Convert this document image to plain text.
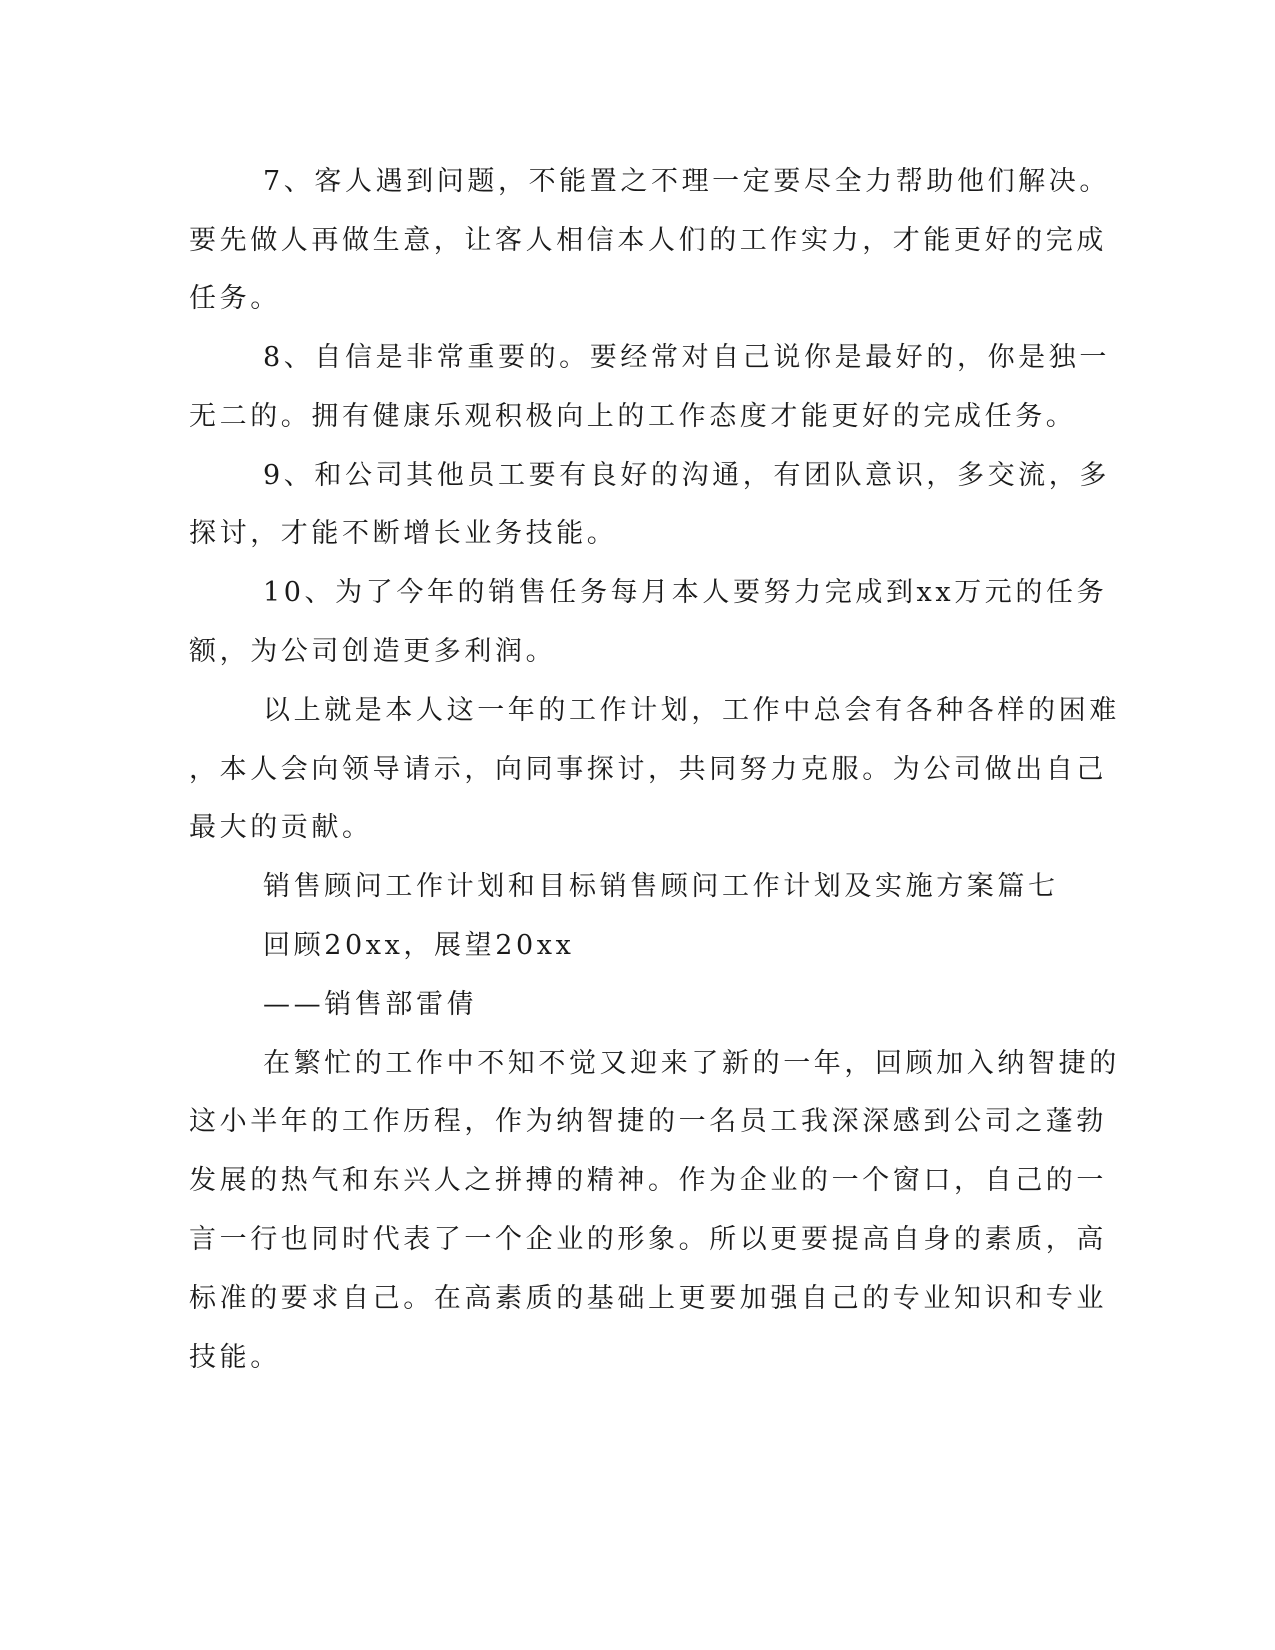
7、客人遇到问题，不能置之不理一定要尽全力帮助他们解决。
要先做人再做生意，让客人相信本人们的工作实力，才能更好的完成
任务。
8、自信是非常重要的。要经常对自己说你是最好的，你是独一
无二的。拥有健康乐观积极向上的工作态度才能更好的完成任务。
9、和公司其他员工要有良好的沟通，有团队意识，多交流，多
探讨，才能不断增长业务技能。
10、为了今年的销售任务每月本人要努力完成到xx万元的任务
额，为公司创造更多利润。
以上就是本人这一年的工作计划，工作中总会有各种各样的困难
，本人会向领导请示，向同事探讨，共同努力克服。为公司做出自己
最大的贡献。
销售顾问工作计划和目标销售顾问工作计划及实施方案篇七
回顾20xx，展望20xx
——销售部雷倩
在繁忙的工作中不知不觉又迎来了新的一年，回顾加入纳智捷的
这小半年的工作历程，作为纳智捷的一名员工我深深感到公司之蓬勃
发展的热气和东兴人之拼搏的精神。作为企业的一个窗口，自己的一
言一行也同时代表了一个企业的形象。所以更要提高自身的素质，高
标准的要求自己。在高素质的基础上更要加强自己的专业知识和专业
技能。
